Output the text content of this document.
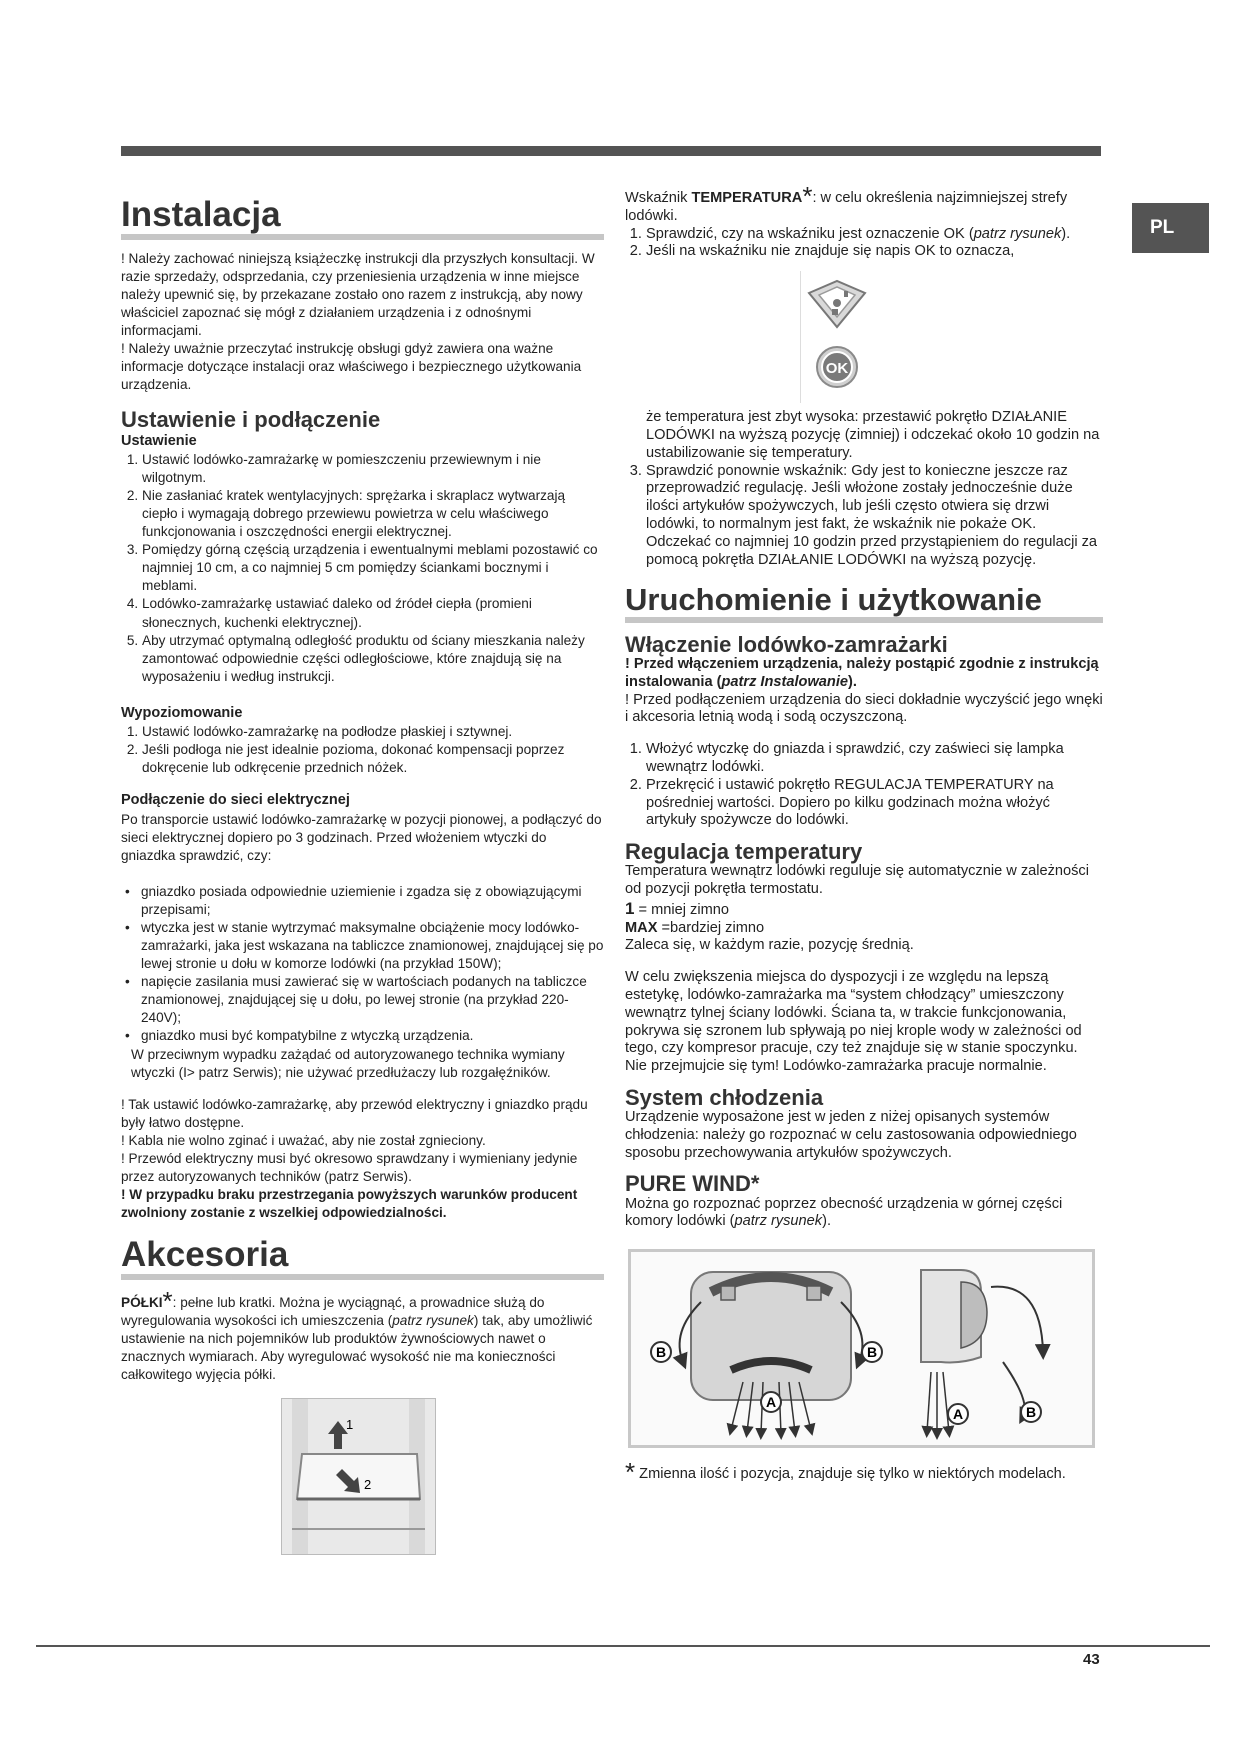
PL
Instalacja

! Należy zachować niniejszą książeczkę instrukcji dla przyszłych konsultacji. W razie sprzedaży, odsprzedania, czy przeniesienia urządzenia w inne miejsce należy upewnić się, by przekazane zostało ono razem z instrukcją, aby nowy właściciel zapoznać się mógł z działaniem urządzenia i z odnośnymi informacjami.

! Należy uważnie przeczytać instrukcję obsługi gdyż zawiera ona ważne informacje dotyczące instalacji oraz właściwego i bezpiecznego użytkowania urządzenia.

Ustawienie i podłączenie
Ustawienie
1. Ustawić lodówko-zamrażarkę w pomieszczeniu przewiewnym i nie wilgotnym.
2. Nie zasłaniać kratek wentylacyjnych: sprężarka i skraplacz wytwarzają ciepło i wymagają dobrego przewiewu powietrza w celu właściwego funkcjonowania i oszczędności energii elektrycznej.
3. Pomiędzy górną częścią urządzenia i ewentualnymi meblami pozostawić co najmniej 10 cm, a co najmniej 5 cm pomiędzy ściankami bocznymi i meblami.
4. Lodówko-zamrażarkę ustawiać daleko od źródeł ciepła (promieni słonecznych, kuchenki elektrycznej).
5. Aby utrzymać optymalną odległość produktu od ściany mieszkania należy zamontować odpowiednie części odległościowe, które znajdują się na wyposażeniu i według instrukcji.
Wypoziomowanie
1. Ustawić lodówko-zamrażarkę na podłodze płaskiej i sztywnej.
2. Jeśli podłoga nie jest idealnie pozioma, dokonać kompensacji poprzez dokręcenie lub odkręcenie przednich nóżek.
Podłączenie do sieci elektrycznej

Po transporcie ustawić lodówko-zamrażarkę w pozycji pionowej, a podłączyć do sieci elektrycznej dopiero po 3 godzinach. Przed włożeniem wtyczki do gniazdka sprawdzić, czy:

• gniazdko posiada odpowiednie uziemienie i zgadza się z obowiązującymi przepisami;
• wtyczka jest w stanie wytrzymać maksymalne obciążenie mocy lodówko-zamrażarki, jaka jest wskazana na tabliczce znamionowej, znajdującej się po lewej stronie u dołu w komorze lodówki (na przykład 150W);
• napięcie zasilania musi zawierać się w wartościach podanych na tabliczce znamionowej, znajdującej się u dołu, po lewej stronie (na przykład 220-240V);
• gniazdko musi być kompatybilne z wtyczką urządzenia.

W przeciwnym wypadku zażądać od autoryzowanego technika wymiany wtyczki (I> patrz Serwis); nie używać przedłużaczy lub rozgałęźników.

! Tak ustawić lodówko-zamrażarkę, aby przewód elektryczny i gniazdko prądu były łatwo dostępne.

! Kabla nie wolno zginać i uważać, aby nie został zgnieciony.

! Przewód elektryczny musi być okresowo sprawdzany i wymieniany jedynie przez autoryzowanych techników (patrz Serwis).

! W przypadku braku przestrzegania powyższych warunków producent zwolniony zostanie z wszelkiej odpowiedzialności.

Akcesoria

PÓŁKI*: pełne lub kratki. Można je wyciągnąć, a prowadnice służą do wyregulowania wysokości ich umieszczenia (patrz rysunek) tak, aby umożliwić ustawienie na nich pojemników lub produktów żywnościowych nawet o znacznych wymiarach. Aby wyregulować wysokość nie ma konieczności całkowitego wyjęcia półki.

1
2

Wskaźnik TEMPERATURA*: w celu określenia najzimniejszej strefy lodówki.

1. Sprawdzić, czy na wskaźniku jest oznaczenie OK (patrz rysunek).
2. Jeśli na wskaźniku nie znajduje się napis OK to oznacza,
OK

że temperatura jest zbyt wysoka: przestawić pokrętło DZIAŁANIE LODÓWKI na wyższą pozycję (zimniej) i odczekać około 10 godzin na ustabilizowanie się temperatury.

3. Sprawdzić ponownie wskaźnik: Gdy jest to konieczne jeszcze raz przeprowadzić regulację. Jeśli włożone zostały jednocześnie duże ilości artykułów spożywczych, lub jeśli często otwiera się drzwi lodówki, to normalnym jest fakt, że wskaźnik nie pokaże OK. Odczekać co najmniej 10 godzin przed przystąpieniem do regulacji za pomocą pokrętła DZIAŁANIE LODÓWKI na wyższą pozycję.
Uruchomienie i użytkowanie
Włączenie lodówko-zamrażarki

! Przed włączeniem urządzenia, należy postąpić zgodnie z instrukcją instalowania (patrz Instalowanie).

! Przed podłączeniem urządzenia do sieci dokładnie wyczyścić jego wnęki i akcesoria letnią wodą i sodą oczyszczoną.

1. Włożyć wtyczkę do gniazda i sprawdzić, czy zaświeci się lampka wewnątrz lodówki.
2. Przekręcić i ustawić pokrętło REGULACJA TEMPERATURY na pośredniej wartości. Dopiero po kilku godzinach można włożyć artykuły spożywcze do lodówki.
Regulacja temperatury

Temperatura wewnątrz lodówki reguluje się automatycznie w zależności od pozycji pokrętła termostatu.

1 = mniej zimno

MAX =bardziej zimno

Zaleca się, w każdym razie, pozycję średnią.

W celu zwiększenia miejsca do dyspozycji i ze względu na lepszą estetykę, lodówko-zamrażarka ma “system chłodzący” umieszczony wewnątrz tylnej ściany lodówki. Ściana ta, w trakcie funkcjonowania, pokrywa się szronem lub spływają po niej krople wody w zależności od tego, czy kompresor pracuje, czy też znajduje się w stanie spoczynku. Nie przejmujcie się tym! Lodówko-zamrażarka pracuje normalnie.

System chłodzenia

Urządzenie wyposażone jest w jeden z niżej opisanych systemów chłodzenia: należy go rozpoznać w celu zastosowania odpowiedniego sposobu przechowywania artykułów spożywczych.

PURE WIND*

Można go rozpoznać poprzez obecność urządzenia w górnej części komory lodówki (patrz rysunek).

B	B
A
A	B

* Zmienna ilość i pozycja, znajduje się tylko w niektórych modelach.

43
